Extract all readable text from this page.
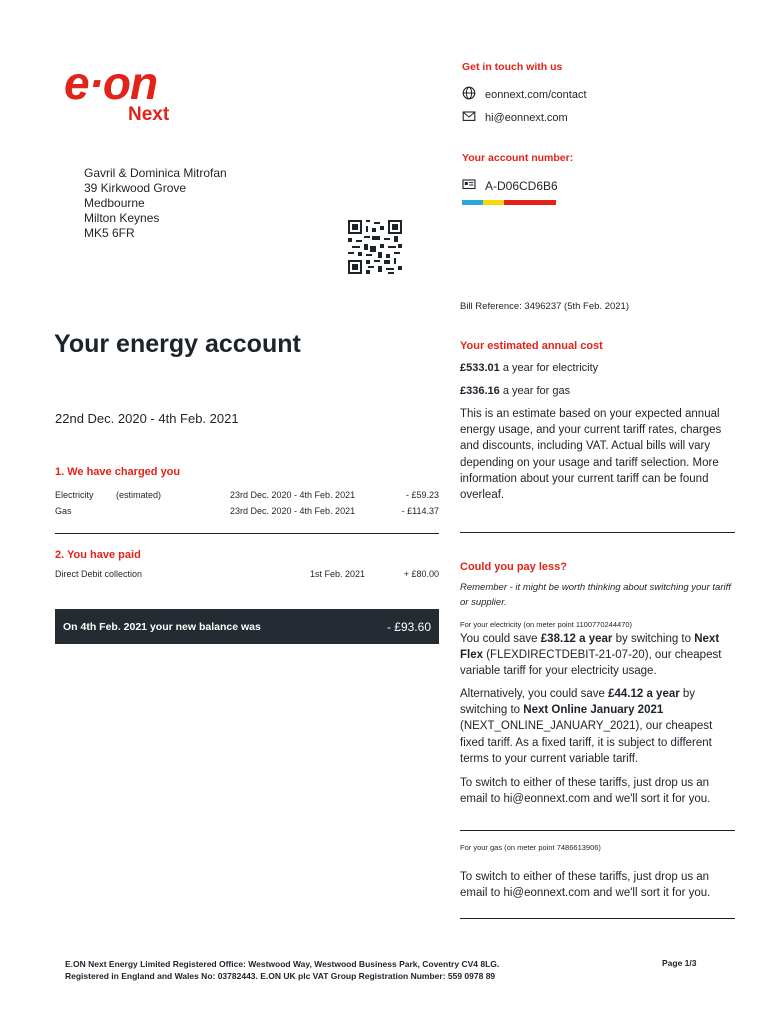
e·on
Next
Get in touch with us
eonnext.com/contact
hi@eonnext.com
Your account number:
A-D06CD6B6
Gavril & Dominica Mitrofan
39 Kirkwood Grove
Medbourne
Milton Keynes
MK5 6FR
Bill Reference: 3496237 (5th Feb. 2021)
Your energy account
22nd Dec. 2020 - 4th Feb. 2021
1. We have charged you
Electricity (estimated)	23rd Dec. 2020 - 4th Feb. 2021	- £59.23
Gas	23rd Dec. 2020 - 4th Feb. 2021	- £114.37
2. You have paid
Direct Debit collection	1st Feb. 2021	+ £80.00
On 4th Feb. 2021 your new balance was	- £93.60
Your estimated annual cost
£533.01 a year for electricity
£336.16 a year for gas
This is an estimate based on your expected annual energy usage, and your current tariff rates, charges and discounts, including VAT. Actual bills will vary depending on your usage and tariff selection. More information about your current tariff can be found overleaf.
Could you pay less?
Remember - it might be worth thinking about switching your tariff or supplier.
For your electricity (on meter point 1100770244470)
You could save £38.12 a year by switching to Next Flex (FLEXDIRECTDEBIT-21-07-20), our cheapest variable tariff for your electricity usage.
Alternatively, you could save £44.12 a year by switching to Next Online January 2021 (NEXT_ONLINE_JANUARY_2021), our cheapest fixed tariff. As a fixed tariff, it is subject to different terms to your current variable tariff.
To switch to either of these tariffs, just drop us an email to hi@eonnext.com and we'll sort it for you.
For your gas (on meter point 7486613906)
To switch to either of these tariffs, just drop us an email to hi@eonnext.com and we'll sort it for you.
E.ON Next Energy Limited Registered Office: Westwood Way, Westwood Business Park, Coventry CV4 8LG.
Registered in England and Wales No: 03782443. E.ON UK plc VAT Group Registration Number: 559 0978 89
Page 1/3
